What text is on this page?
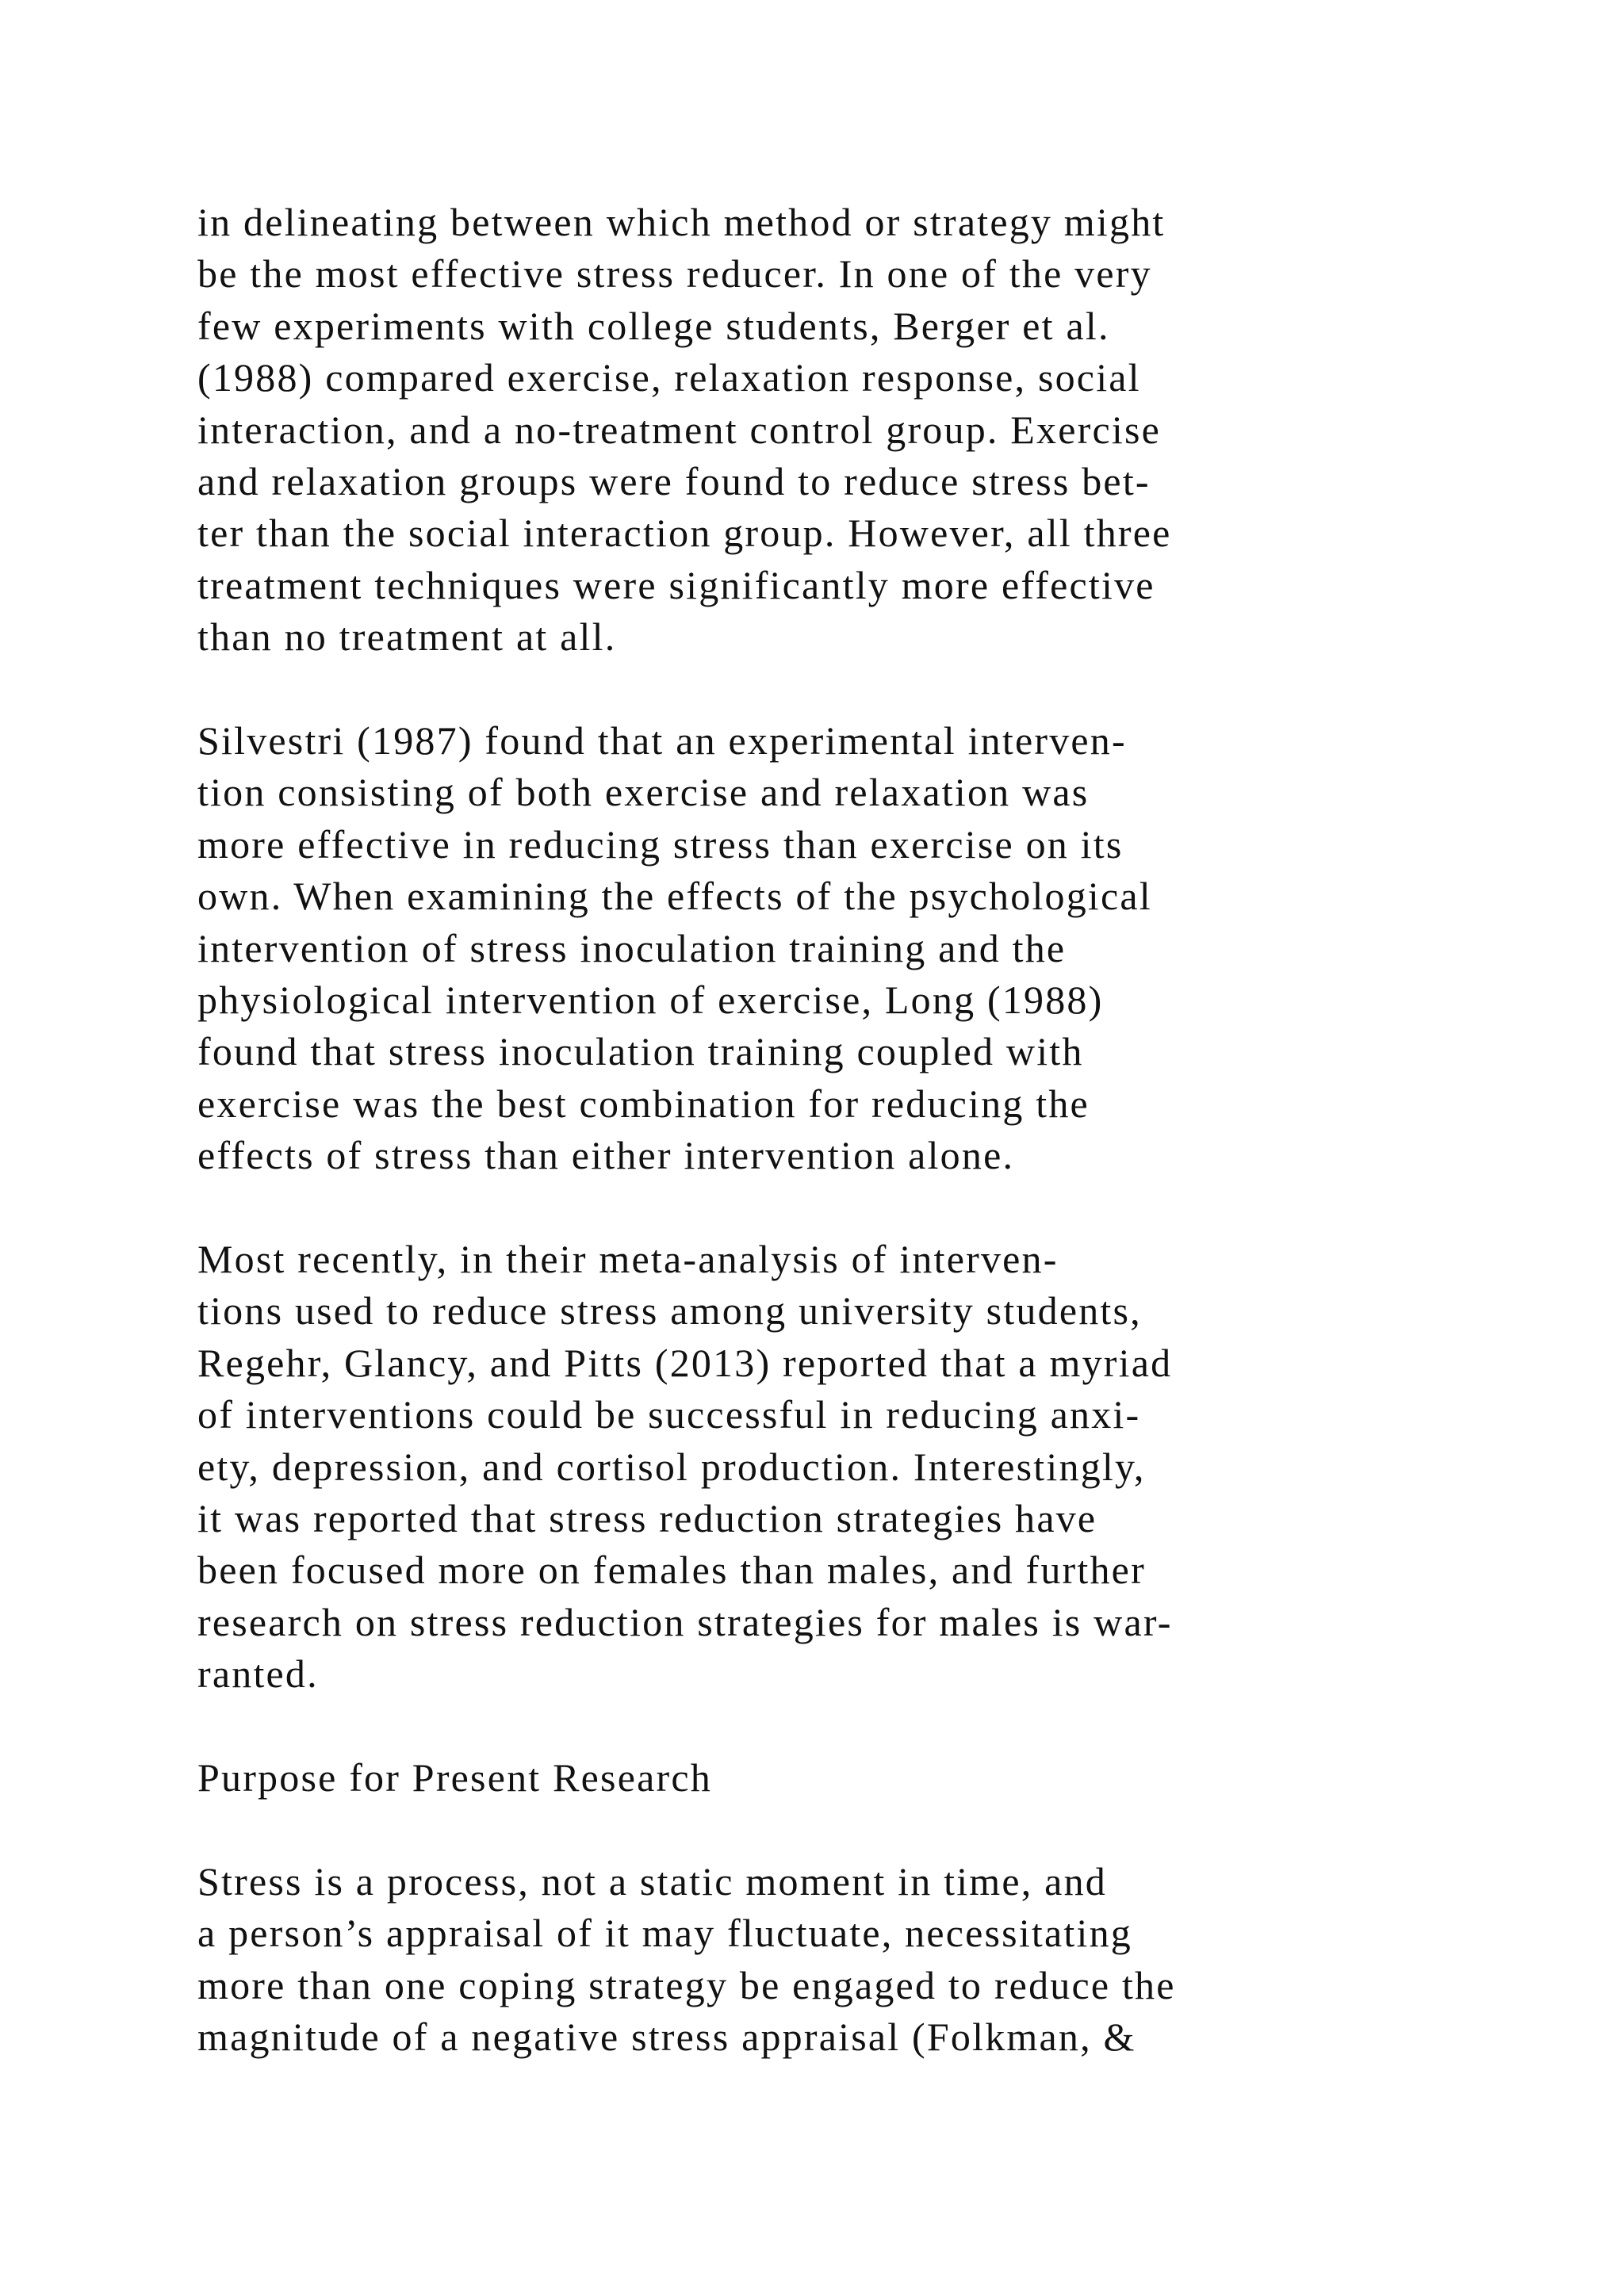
in delineating between which method or strategy might
be the most effective stress reducer. In one of the very
few experiments with college students, Berger et al.
(1988) compared exercise, relaxation response, social
interaction, and a no-treatment control group. Exercise
and relaxation groups were found to reduce stress bet-
ter than the social interaction group. However, all three
treatment techniques were significantly more effective
than no treatment at all.
Silvestri (1987) found that an experimental interven-
tion consisting of both exercise and relaxation was
more effective in reducing stress than exercise on its
own. When examining the effects of the psychological
intervention of stress inoculation training and the
physiological intervention of exercise, Long (1988)
found that stress inoculation training coupled with
exercise was the best combination for reducing the
effects of stress than either intervention alone.
Most recently, in their meta-analysis of interven-
tions used to reduce stress among university students,
Regehr, Glancy, and Pitts (2013) reported that a myriad
of interventions could be successful in reducing anxi-
ety, depression, and cortisol production. Interestingly,
it was reported that stress reduction strategies have
been focused more on females than males, and further
research on stress reduction strategies for males is war-
ranted.
Purpose for Present Research
Stress is a process, not a static moment in time, and
a person’s appraisal of it may fluctuate, necessitating
more than one coping strategy be engaged to reduce the
magnitude of a negative stress appraisal (Folkman, &
